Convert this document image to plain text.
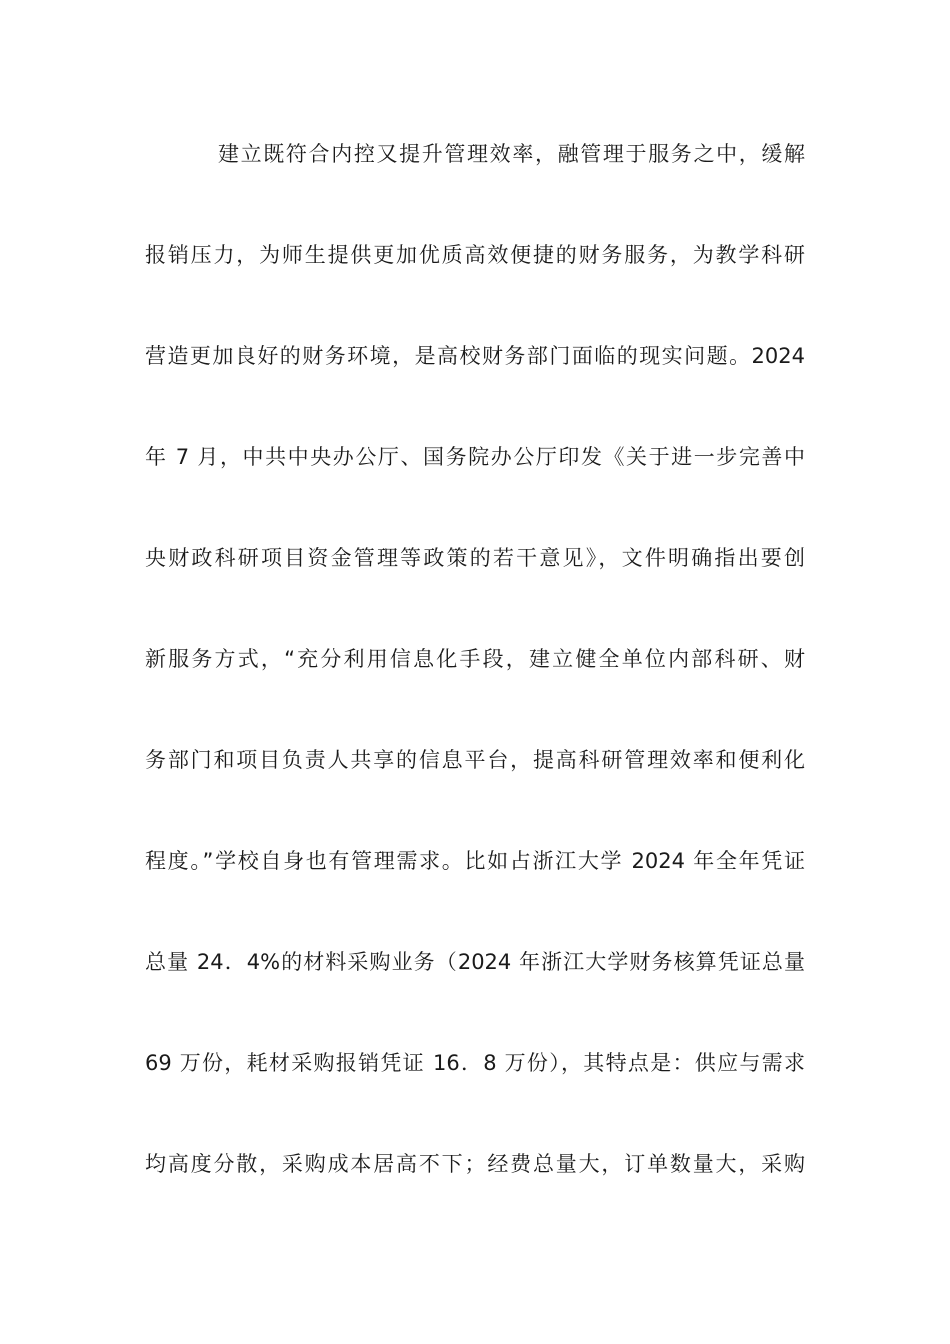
建立既符合内控又提升管理效率，融管理于服务之中，缓解
报销压力，为师生提供更加优质高效便捷的财务服务，为教学科研
营造更加良好的财务环境，是高校财务部门面临的现实问题。2024
年 7 月，中共中央办公厅、国务院办公厅印发《关于进一步完善中
央财政科研项目资金管理等政策的若干意见》，文件明确指出要创
新服务方式，“充分利用信息化手段，建立健全单位内部科研、财
务部门和项目负责人共享的信息平台，提高科研管理效率和便利化
程度。”学校自身也有管理需求。比如占浙江大学 2024 年全年凭证
总量 24．4%的材料采购业务（2024 年浙江大学财务核算凭证总量
69 万份，耗材采购报销凭证 16．8 万份），其特点是：供应与需求
均高度分散，采购成本居高不下；经费总量大，订单数量大，采购
